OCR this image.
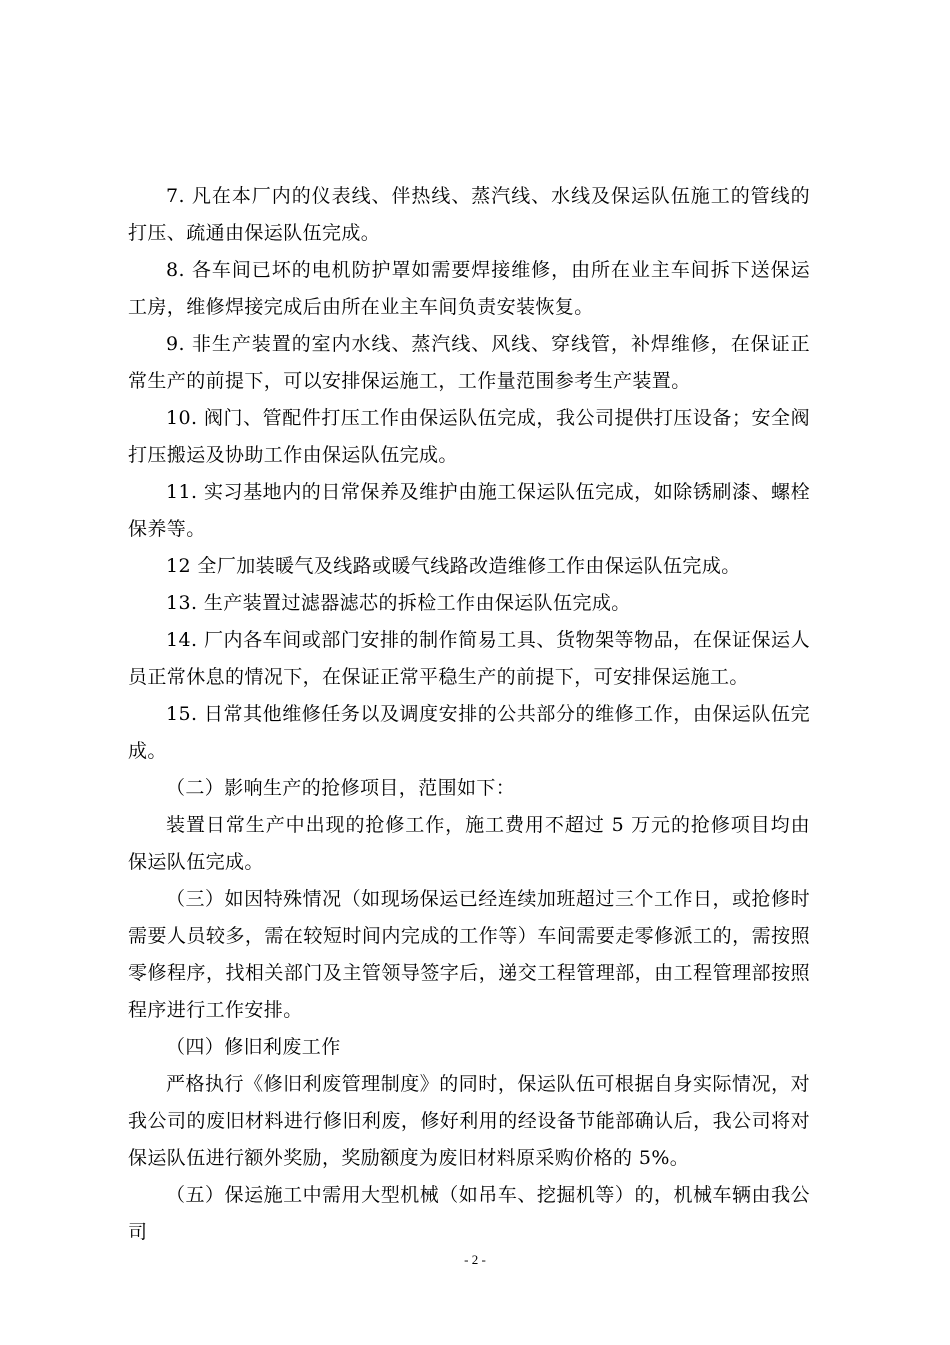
7. 凡在本厂内的仪表线、伴热线、蒸汽线、水线及保运队伍施工的管线的打压、疏通由保运队伍完成。

8. 各车间已坏的电机防护罩如需要焊接维修，由所在业主车间拆下送保运工房，维修焊接完成后由所在业主车间负责安装恢复。

9. 非生产装置的室内水线、蒸汽线、风线、穿线管，补焊维修，在保证正常生产的前提下，可以安排保运施工，工作量范围参考生产装置。

10. 阀门、管配件打压工作由保运队伍完成，我公司提供打压设备；安全阀打压搬运及协助工作由保运队伍完成。

11. 实习基地内的日常保养及维护由施工保运队伍完成，如除锈刷漆、螺栓保养等。

12 全厂加装暖气及线路或暖气线路改造维修工作由保运队伍完成。

13. 生产装置过滤器滤芯的拆检工作由保运队伍完成。

14. 厂内各车间或部门安排的制作简易工具、货物架等物品，在保证保运人员正常休息的情况下，在保证正常平稳生产的前提下，可安排保运施工。

15. 日常其他维修任务以及调度安排的公共部分的维修工作，由保运队伍完成。

（二）影响生产的抢修项目，范围如下：

装置日常生产中出现的抢修工作，施工费用不超过 5 万元的抢修项目均由保运队伍完成。

（三）如因特殊情况（如现场保运已经连续加班超过三个工作日，或抢修时需要人员较多，需在较短时间内完成的工作等）车间需要走零修派工的，需按照零修程序，找相关部门及主管领导签字后，递交工程管理部，由工程管理部按照程序进行工作安排。

（四）修旧利废工作

严格执行《修旧利废管理制度》的同时，保运队伍可根据自身实际情况，对我公司的废旧材料进行修旧利废，修好利用的经设备节能部确认后，我公司将对保运队伍进行额外奖励，奖励额度为废旧材料原采购价格的 5%。

（五）保运施工中需用大型机械（如吊车、挖掘机等）的，机械车辆由我公司

- 2 -
